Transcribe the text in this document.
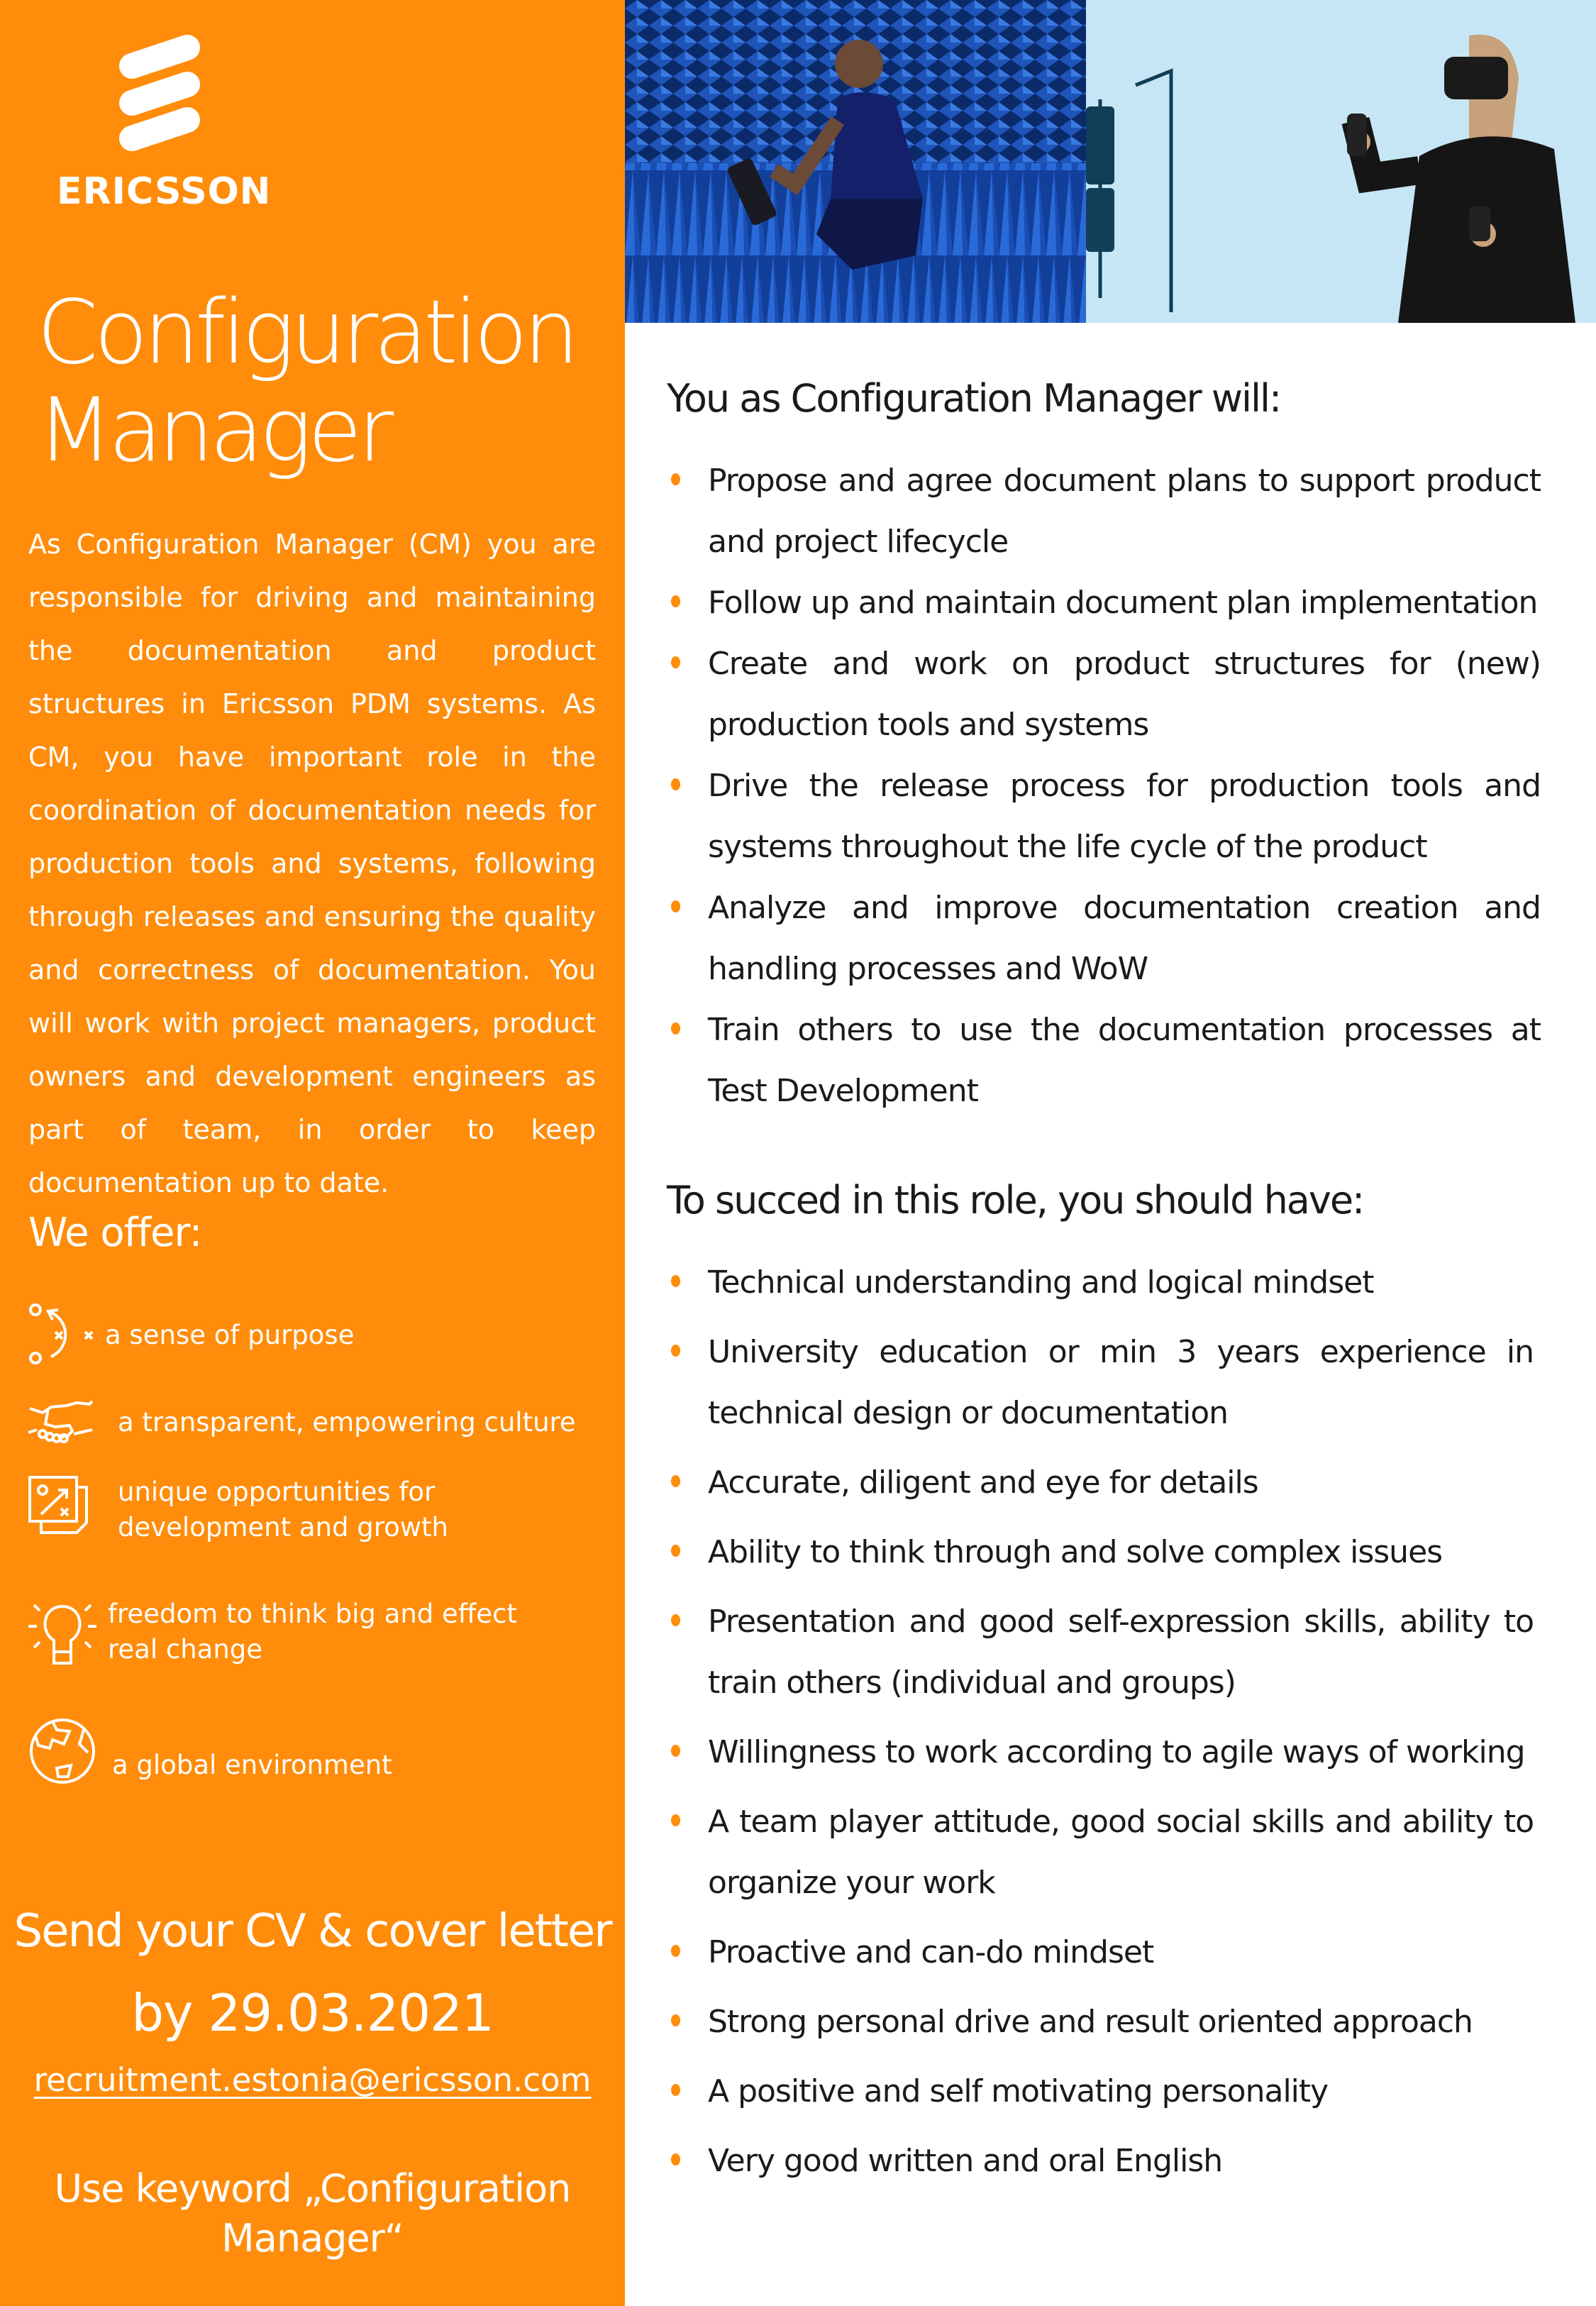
ERICSSON
Configuration
Manager

As Configuration Manager (CM) you are responsible for driving and maintaining the documentation and product structures in Ericsson PDM systems. As CM, you have important role in the coordination of documentation needs for production tools and systems, following through releases and ensuring the quality and correctness of documentation. You will work with project managers, product owners and development engineers as part of team, in order to keep documentation up to date.

We offer:
a sense of purpose
a transparent, empowering culture
unique opportunities for
development and growth
freedom to think big and effect
real change
a global environment
Send your CV & cover letter
by 29.03.2021
recruitment.estonia@ericsson.com
Use keyword „Configuration
Manager“
You as Configuration Manager will:
Propose and agree document plans to support product and project lifecycle
Follow up and maintain document plan implementation
Create and work on product structures for (new) production tools and systems
Drive the release process for production tools and systems throughout the life cycle of the product
Analyze and improve documentation creation and handling processes and WoW
Train others to use the documentation processes at Test Development
To succed in this role, you should have:
Technical understanding and logical mindset
University education or min 3 years experience in technical design or documentation
Accurate, diligent and eye for details
Ability to think through and solve complex issues
Presentation and good self-expression skills, ability to train others (individual and groups)
Willingness to work according to agile ways of working
A team player attitude, good social skills and ability to organize your work
Proactive and can-do mindset
Strong personal drive and result oriented approach
A positive and self motivating personality
Very good written and oral English
